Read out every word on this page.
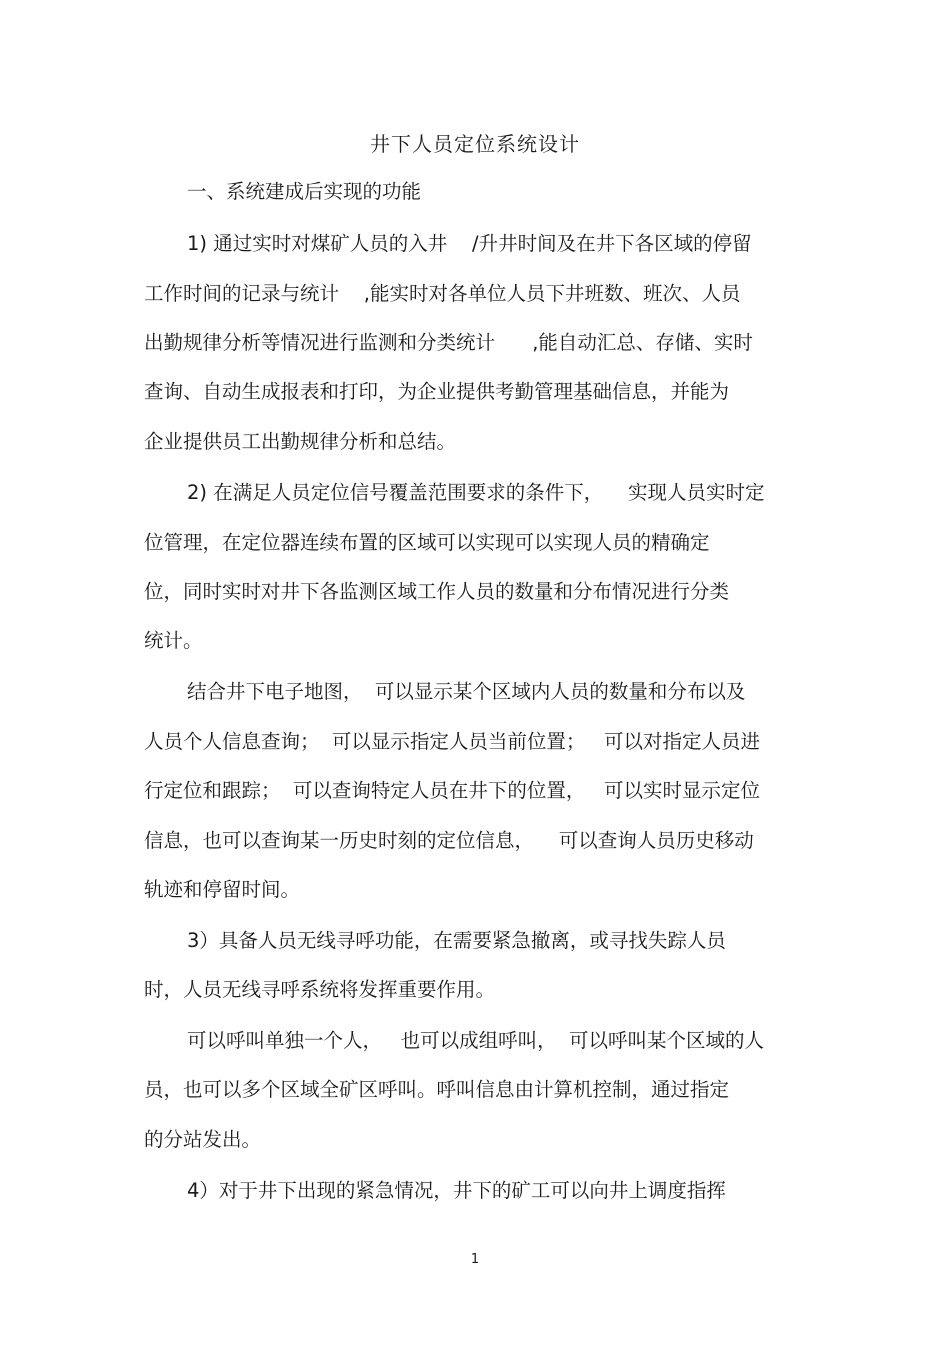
井下人员定位系统设计
一、系统建成后实现的功能
1) 通过实时对煤矿人员的入井    /升井时间及在井下各区域的停留
工作时间的记录与统计    ,能实时对各单位人员下井班数、班次、人员
出勤规律分析等情况进行监测和分类统计      ,能自动汇总、存储、实时
查询、自动生成报表和打印，为企业提供考勤管理基础信息，并能为
企业提供员工出勤规律分析和总结。
2) 在满足人员定位信号覆盖范围要求的条件下，    实现人员实时定
位管理，在定位器连续布置的区域可以实现可以实现人员的精确定
位，同时实时对井下各监测区域工作人员的数量和分布情况进行分类
统计。
结合井下电子地图，  可以显示某个区域内人员的数量和分布以及
人员个人信息查询；  可以显示指定人员当前位置；   可以对指定人员进
行定位和跟踪；  可以查询特定人员在井下的位置，   可以实时显示定位
信息，也可以查询某一历史时刻的定位信息，    可以查询人员历史移动
轨迹和停留时间。
3）具备人员无线寻呼功能，在需要紧急撤离，或寻找失踪人员
时，人员无线寻呼系统将发挥重要作用。
可以呼叫单独一个人，   也可以成组呼叫，  可以呼叫某个区域的人
员，也可以多个区域全矿区呼叫。呼叫信息由计算机控制，通过指定
的分站发出。
4）对于井下出现的紧急情况，井下的矿工可以向井上调度指挥
1
